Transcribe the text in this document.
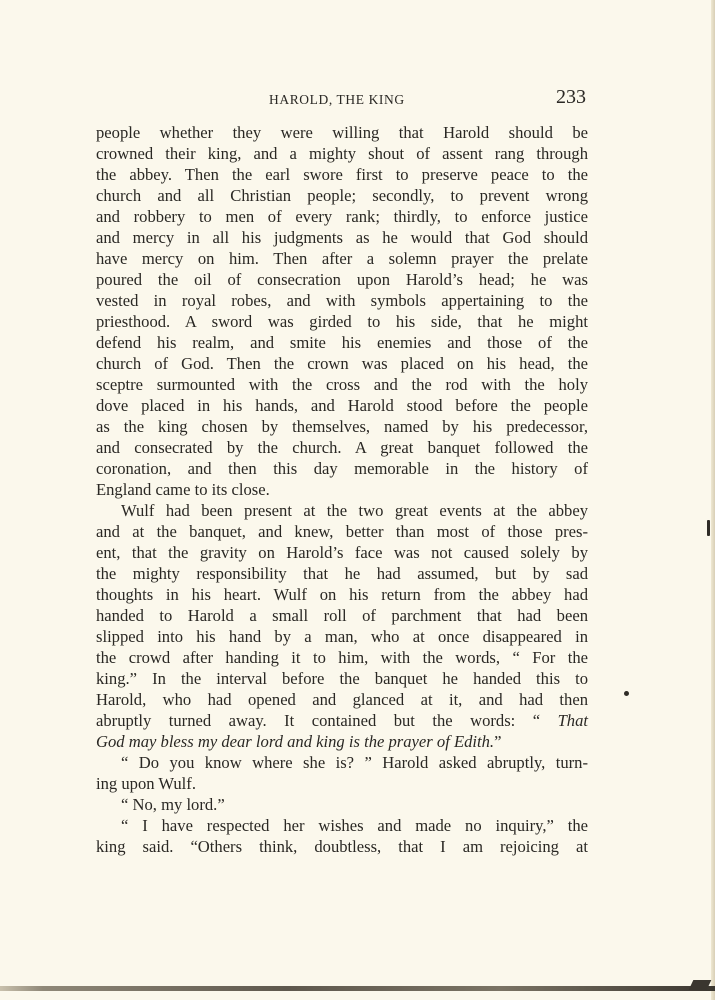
HAROLD, THE KING	233
people whether they were willing that Harold should be
crowned their king, and a mighty shout of assent rang through
the abbey. Then the earl swore first to preserve peace to the
church and all Christian people; secondly, to prevent wrong
and robbery to men of every rank; thirdly, to enforce justice
and mercy in all his judgments as he would that God should
have mercy on him. Then after a solemn prayer the prelate
poured the oil of consecration upon Harold’s head; he was
vested in royal robes, and with symbols appertaining to the
priesthood. A sword was girded to his side, that he might
defend his realm, and smite his enemies and those of the
church of God. Then the crown was placed on his head, the
sceptre surmounted with the cross and the rod with the holy
dove placed in his hands, and Harold stood before the people
as the king chosen by themselves, named by his predecessor,
and consecrated by the church. A great banquet followed the
coronation, and then this day memorable in the history of
England came to its close.
Wulf had been present at the two great events at the abbey
and at the banquet, and knew, better than most of those pres-
ent, that the gravity on Harold’s face was not caused solely by
the mighty responsibility that he had assumed, but by sad
thoughts in his heart. Wulf on his return from the abbey had
handed to Harold a small roll of parchment that had been
slipped into his hand by a man, who at once disappeared in
the crowd after handing it to him, with the words, “ For the
king.” In the interval before the banquet he handed this to
Harold, who had opened and glanced at it, and had then
abruptly turned away. It contained but the words: “ That
God may bless my dear lord and king is the prayer of Edith.”
“ Do you know where she is? ” Harold asked abruptly, turn-
ing upon Wulf.
“ No, my lord.”
“ I have respected her wishes and made no inquiry,” the
king said. “Others think, doubtless, that I am rejoicing at
